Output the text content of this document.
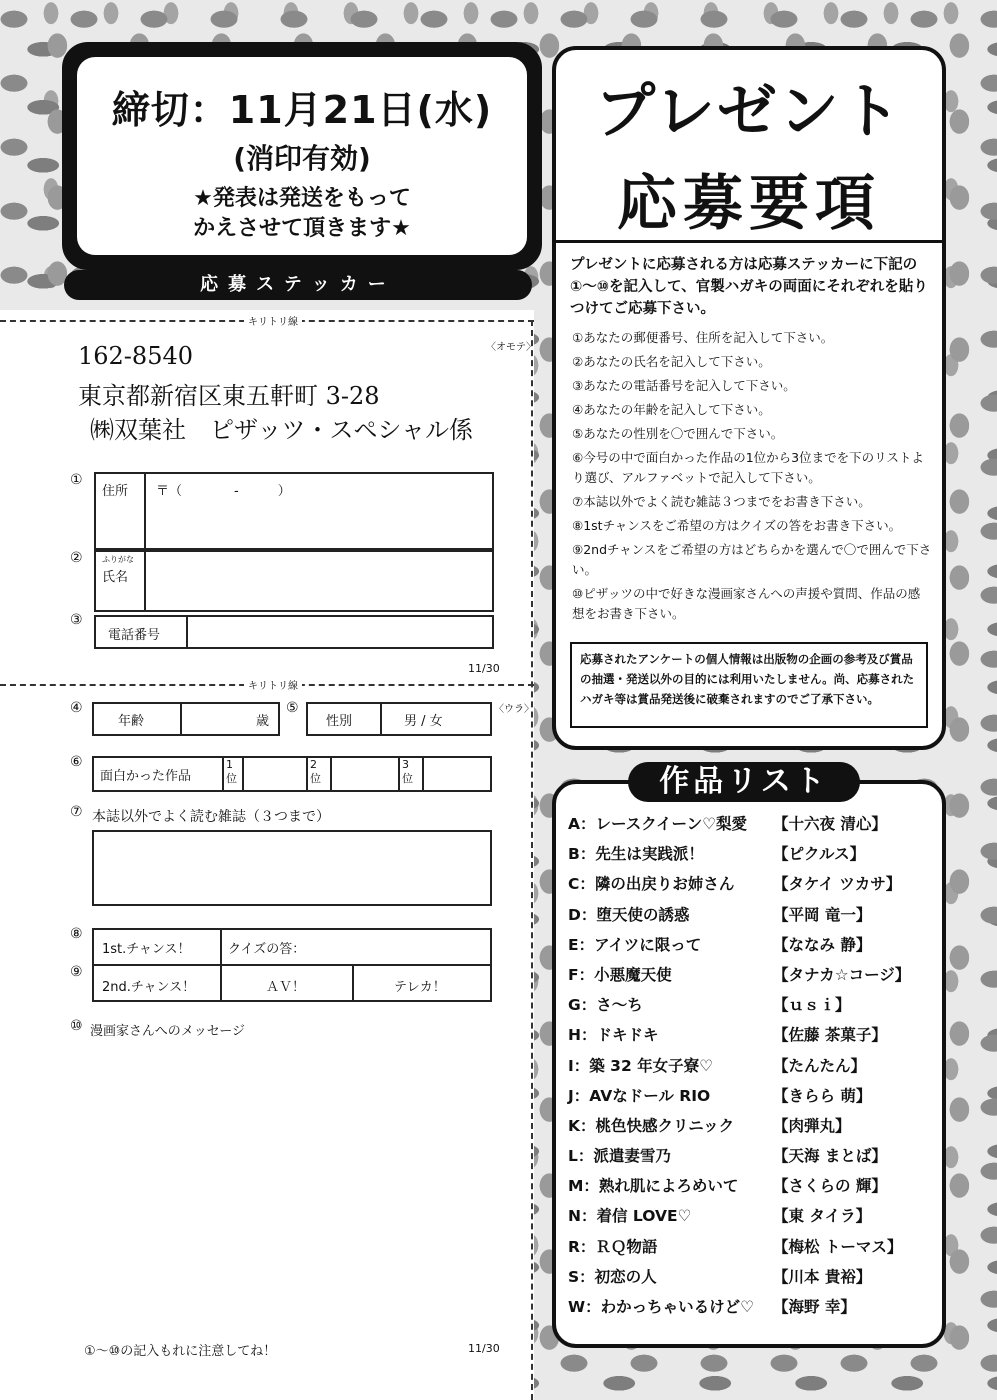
締切：11月21日(水)
(消印有効)
★発表は発送をもって
かえさせて頂きます★
応募ステッカー
キリトリ線
〈オモテ〉
162-8540
東京都新宿区東五軒町 3-28
㈱双葉社　ピザッツ・スペシャル係
①
住所 〒（　　　　-　　　）
② ふりがな
氏名
③
電話番号
11/30
キリトリ線
〈ウラ〉
④
年齢	歳
⑤
性別	男 / 女
⑥
面白かった作品
1位
2位
3位
⑦ 本誌以外でよく読む雑誌（３つまで）
⑧
⑨
1st.チャンス！	クイズの答：
2nd.チャンス！	ＡＶ！	テレカ！
⑩ 漫画家さんへのメッセージ
①〜⑩の記入もれに注意してね！	11/30
プレゼント
応募要項
プレゼントに応募される方は応募ステッカーに下記の①〜⑩を記入して、官製ハガキの両面にそれぞれを貼りつけてご応募下さい。
①あなたの郵便番号、住所を記入して下さい。
②あなたの氏名を記入して下さい。
③あなたの電話番号を記入して下さい。
④あなたの年齢を記入して下さい。
⑤あなたの性別を〇で囲んで下さい。
⑥今号の中で面白かった作品の1位から3位までを下のリストより選び、アルファベットで記入して下さい。
⑦本誌以外でよく読む雑誌３つまでをお書き下さい。
⑧1stチャンスをご希望の方はクイズの答をお書き下さい。
⑨2ndチャンスをご希望の方はどちらかを選んで〇で囲んで下さい。
⑩ピザッツの中で好きな漫画家さんへの声援や質問、作品の感想をお書き下さい。
応募されたアンケートの個人情報は出版物の企画の参考及び賞品の抽選・発送以外の目的には利用いたしません。尚、応募されたハガキ等は賞品発送後に破棄されますのでご了承下さい。
作品リスト
A：レースクイーン♡梨愛 【十六夜 清心】
B：先生は実践派！	【ピクルス】
C：隣の出戻りお姉さん 【タケイ ツカサ】
D：堕天使の誘惑	【平岡 竜一】
E：アイツに限って	【ななみ 静】
F：小悪魔天使	【タナカ☆コージ】
G：さ〜ち	【ｕｓｉ】
H：ドキドキ	【佐藤 茶菓子】
I：築 32 年女子寮♡	【たんたん】
J：AVなドール RIO	【きらら 萌】
K：桃色快感クリニック	【肉弾丸】
L：派遣妻雪乃	【天海 まとば】
M：熟れ肌によろめいて 【さくらの 輝】
N：着信 LOVE♡	【東 タイラ】
R：ＲＱ物語	【梅松 トーマス】
S：初恋の人	【川本 貴裕】
W：わかっちゃいるけど♡ 【海野 幸】
